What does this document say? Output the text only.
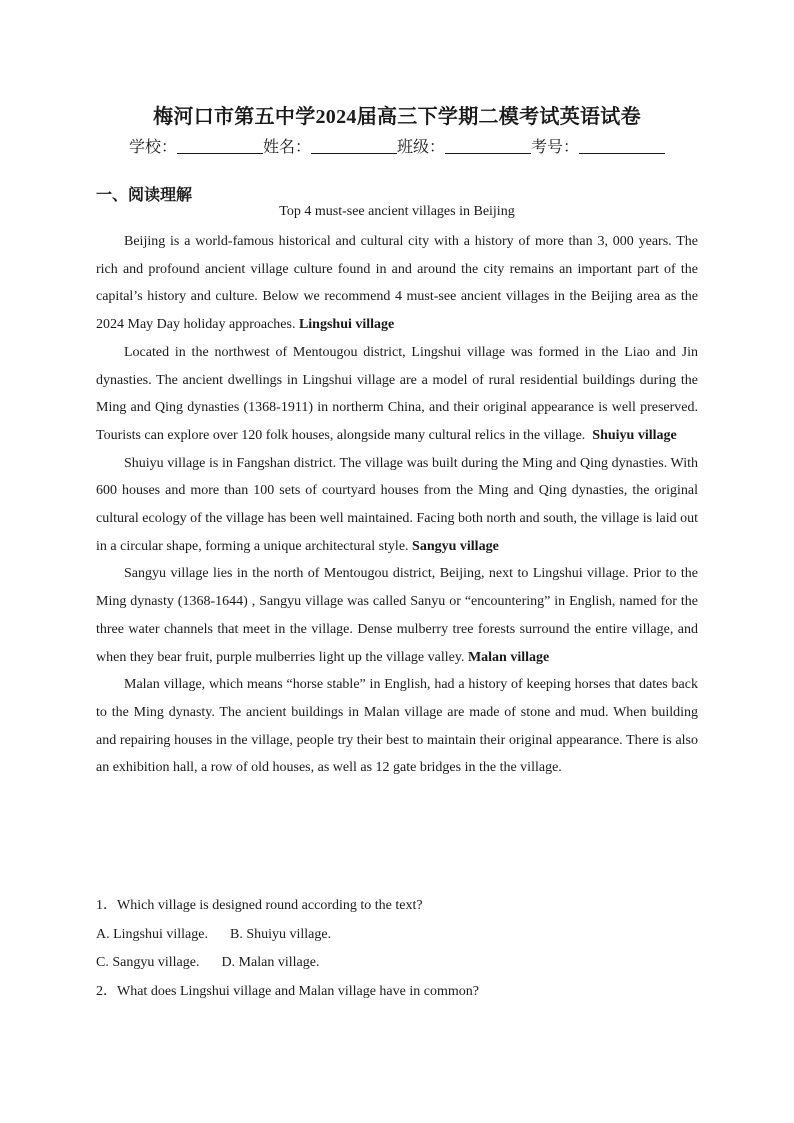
梅河口市第五中学2024届高三下学期二模考试英语试卷
学校：	姓名：	班级：	考号：
一、阅读理解
Top 4 must-see ancient villages in Beijing

Beijing is a world-famous historical and cultural city with a history of more than 3, 000 years. The rich and profound ancient village culture found in and around the city remains an important part of the capital’s history and culture. Below we recommend 4 must-see ancient villages in the Beijing area as the 2024 May Day holiday approaches. Lingshui village

Located in the northwest of Mentougou district, Lingshui village was formed in the Liao and Jin dynasties. The ancient dwellings in Lingshui village are a model of rural residential buildings during the Ming and Qing dynasties (1368-1911) in northerm China, and their original appearance is well preserved. Tourists can explore over 120 folk houses, alongside many cultural relics in the village. Shuiyu village

Shuiyu village is in Fangshan district. The village was built during the Ming and Qing dynasties. With 600 houses and more than 100 sets of courtyard houses from the Ming and Qing dynasties, the original cultural ecology of the village has been well maintained. Facing both north and south, the village is laid out in a circular shape, forming a unique architectural style. Sangyu village

Sangyu village lies in the north of Mentougou district, Beijing, next to Lingshui village. Prior to the Ming dynasty (1368-1644) , Sangyu village was called Sanyu or “encountering” in English, named for the three water channels that meet in the village. Dense mulberry tree forests surround the entire village, and when they bear fruit, purple mulberries light up the village valley. Malan village

Malan village, which means “horse stable” in English, had a history of keeping horses that dates back to the Ming dynasty. The ancient buildings in Malan village are made of stone and mud. When building and repairing houses in the village, people try their best to maintain their original appearance. There is also an exhibition hall, a row of old houses, as well as 12 gate bridges in the the village.

1．Which village is designed round according to the text?

A. Lingshui village. B. Shuiyu village.

C. Sangyu village. D. Malan village.

2．What does Lingshui village and Malan village have in common?
